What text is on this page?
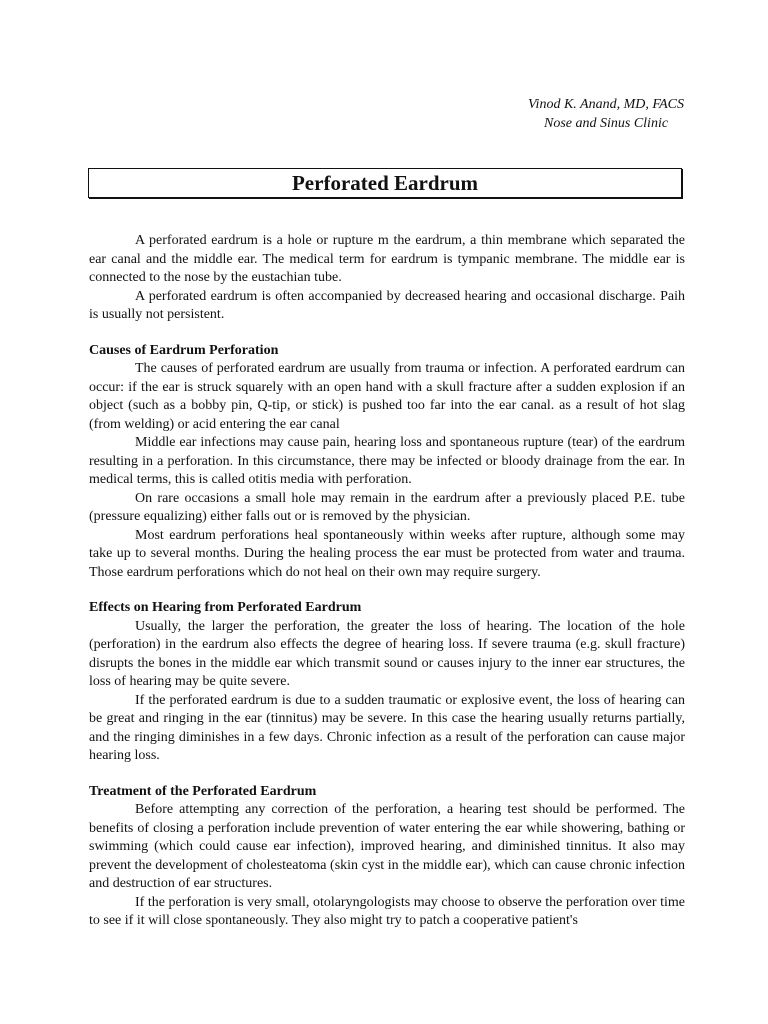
Vinod K. Anand, MD, FACS
Nose and Sinus Clinic
Perforated Eardrum

A perforated eardrum is a hole or rupture m the eardrum, a thin membrane which separated the ear canal and the middle ear. The medical term for eardrum is tympanic membrane. The middle ear is connected to the nose by the eustachian tube.

A perforated eardrum is often accompanied by decreased hearing and occasional discharge. Paih is usually not persistent.

Causes of Eardrum Perforation

The causes of perforated eardrum are usually from trauma or infection. A perforated eardrum can occur: if the ear is struck squarely with an open hand with a skull fracture after a sudden explosion if an object (such as a bobby pin, Q-tip, or stick) is pushed too far into the ear canal. as a result of hot slag (from welding) or acid entering the ear canal

Middle ear infections may cause pain, hearing loss and spontaneous rupture (tear) of the eardrum resulting in a perforation. In this circumstance, there may be infected or bloody drainage from the ear. In medical terms, this is called otitis media with perforation.

On rare occasions a small hole may remain in the eardrum after a previously placed P.E. tube (pressure equalizing) either falls out or is removed by the physician.

Most eardrum perforations heal spontaneously within weeks after rupture, although some may take up to several months. During the healing process the ear must be protected from water and trauma. Those eardrum perforations which do not heal on their own may require surgery.

Effects on Hearing from Perforated Eardrum

Usually, the larger the perforation, the greater the loss of hearing. The location of the hole (perforation) in the eardrum also effects the degree of hearing loss. If severe trauma (e.g. skull fracture) disrupts the bones in the middle ear which transmit sound or causes injury to the inner ear structures, the loss of hearing may be quite severe.

If the perforated eardrum is due to a sudden traumatic or explosive event, the loss of hearing can be great and ringing in the ear (tinnitus) may be severe. In this case the hearing usually returns partially, and the ringing diminishes in a few days. Chronic infection as a result of the perforation can cause major hearing loss.

Treatment of the Perforated Eardrum

Before attempting any correction of the perforation, a hearing test should be performed. The benefits of closing a perforation include prevention of water entering the ear while showering, bathing or swimming (which could cause ear infection), improved hearing, and diminished tinnitus. It also may prevent the development of cholesteatoma (skin cyst in the middle ear), which can cause chronic infection and destruction of ear structures.

If the perforation is very small, otolaryngologists may choose to observe the perforation over time to see if it will close spontaneously. They also might try to patch a cooperative patient's
